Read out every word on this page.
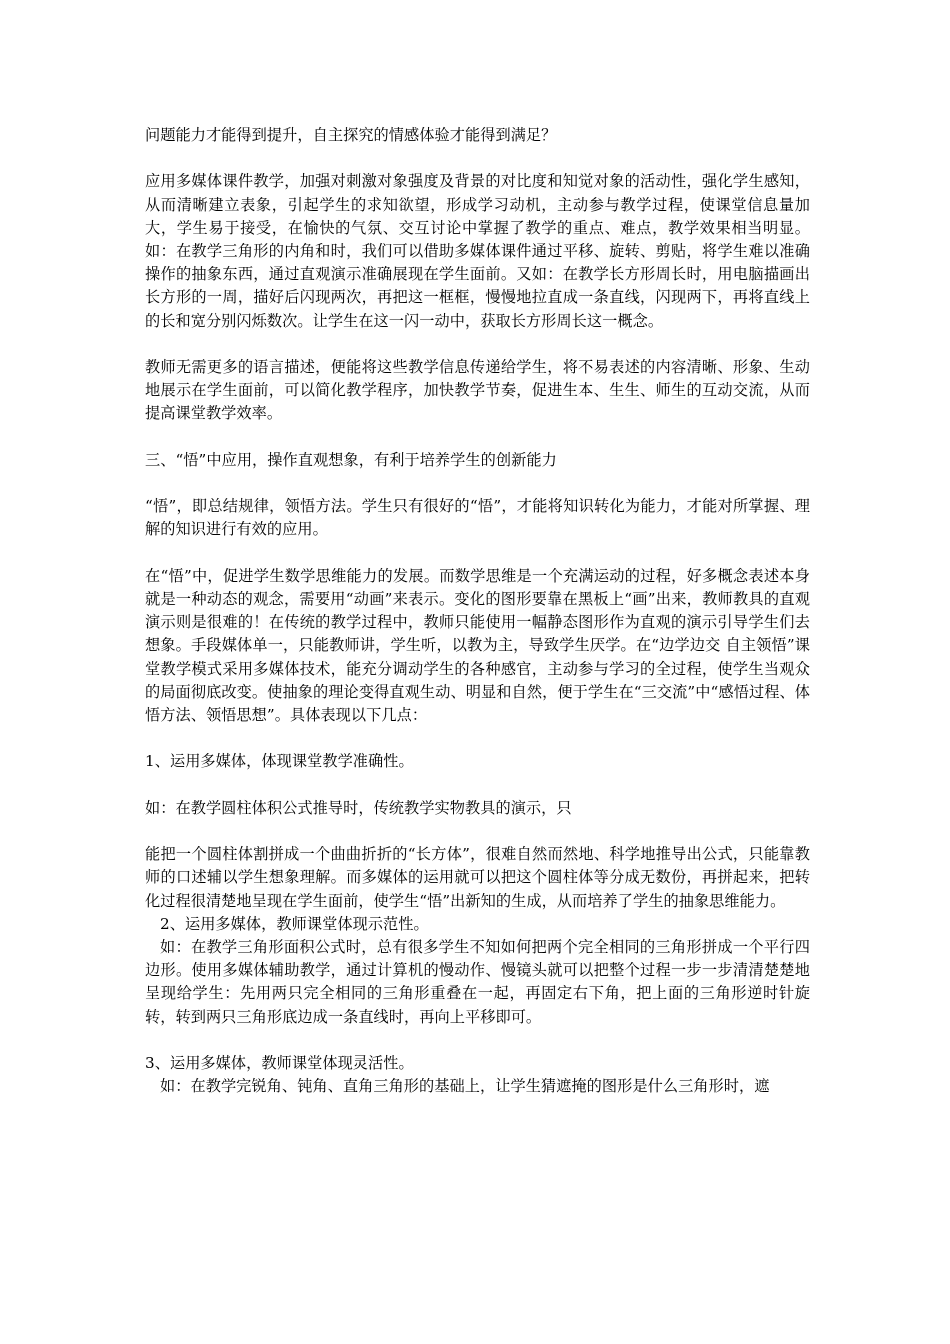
问题能力才能得到提升，自主探究的情感体验才能得到满足？

应用多媒体课件教学，加强对刺激对象强度及背景的对比度和知觉对象的活动性，强化学生感知，从而清晰建立表象，引起学生的求知欲望，形成学习动机，主动参与教学过程，使课堂信息量加大，学生易于接受，在愉快的气氛、交互讨论中掌握了教学的重点、难点，教学效果相当明显。如：在教学三角形的内角和时，我们可以借助多媒体课件通过平移、旋转、剪贴，将学生难以准确操作的抽象东西，通过直观演示准确展现在学生面前。又如：在教学长方形周长时，用电脑描画出长方形的一周，描好后闪现两次，再把这一框框，慢慢地拉直成一条直线，闪现两下，再将直线上的长和宽分别闪烁数次。让学生在这一闪一动中，获取长方形周长这一概念。

教师无需更多的语言描述，便能将这些教学信息传递给学生，将不易表述的内容清晰、形象、生动地展示在学生面前，可以简化教学程序，加快教学节奏，促进生本、生生、师生的互动交流，从而提高课堂教学效率。

三、“悟”中应用，操作直观想象，有利于培养学生的创新能力

“悟”，即总结规律，领悟方法。学生只有很好的“悟”，才能将知识转化为能力，才能对所掌握、理解的知识进行有效的应用。

在“悟”中，促进学生数学思维能力的发展。而数学思维是一个充满运动的过程，好多概念表述本身就是一种动态的观念，需要用“动画”来表示。变化的图形要靠在黑板上“画”出来，教师教具的直观演示则是很难的！在传统的教学过程中，教师只能使用一幅静态图形作为直观的演示引导学生们去想象。手段媒体单一，只能教师讲，学生听，以教为主，导致学生厌学。在“边学边交 自主领悟”课堂教学模式采用多媒体技术，能充分调动学生的各种感官，主动参与学习的全过程，使学生当观众的局面彻底改变。使抽象的理论变得直观生动、明显和自然，便于学生在“三交流”中“感悟过程、体悟方法、领悟思想”。具体表现以下几点：

1、运用多媒体，体现课堂教学准确性。

如：在教学圆柱体积公式推导时，传统教学实物教具的演示，只

能把一个圆柱体割拼成一个曲曲折折的“长方体”，很难自然而然地、科学地推导出公式，只能靠教师的口述辅以学生想象理解。而多媒体的运用就可以把这个圆柱体等分成无数份，再拼起来，把转化过程很清楚地呈现在学生面前，使学生“悟”出新知的生成，从而培养了学生的抽象思维能力。

2、运用多媒体，教师课堂体现示范性。

如：在教学三角形面积公式时，总有很多学生不知如何把两个完全相同的三角形拼成一个平行四边形。使用多媒体辅助教学，通过计算机的慢动作、慢镜头就可以把整个过程一步一步清清楚楚地呈现给学生：先用两只完全相同的三角形重叠在一起，再固定右下角，把上面的三角形逆时针旋转，转到两只三角形底边成一条直线时，再向上平移即可。

3、运用多媒体，教师课堂体现灵活性。

如：在教学完锐角、钝角、直角三角形的基础上，让学生猜遮掩的图形是什么三角形时，遮
